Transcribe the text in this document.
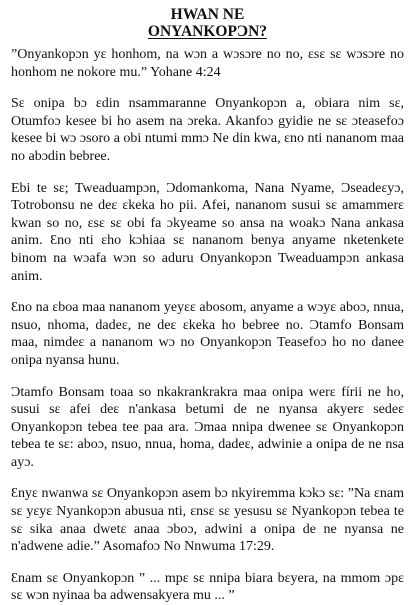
HWAN NE
ONYANKOPƆN?

”Onyankopɔn yɛ honhom, na wɔn a wɔsɔre no no, ɛsɛ sɛ wɔsɔre no honhom ne nokore mu.” Yohane 4:24

Sɛ onipa bɔ ɛdin nsammaranne Onyankopɔn a, obiara nim sɛ, Otumfoɔ kesee bi ho asem na ɔreka. Akanfoɔ gyidie ne sɛ ɔteasefoɔ kesee bi wɔ ɔsoro a obi ntumi mmɔ Ne din kwa, ɛno nti nananom maa no abɔdin bebree.

Ebi te sɛ; Tweaduampɔn, Ɔdomankoma, Nana Nyame, Ɔseadeɛyɔ, Totrobonsu ne deɛ ɛkeka ho pii. Afei, nananom susui sɛ amammerɛ kwan so no, ɛsɛ sɛ obi fa ɔkyeame so ansa na woakɔ Nana ankasa anim. Ɛno nti ɛho kɔhiaa sɛ nananom benya anyame nketenkete binom na wɔafa wɔn so aduru Onyankopɔn Tweaduampɔn ankasa anim.

Ɛno na ɛboa maa nananom yeyɛɛ abosom, anyame a wɔyɛ aboɔ, nnua, nsuo, nhoma, dadeɛ, ne deɛ ɛkeka ho bebree no. Ɔtamfo Bonsam maa, nimdeɛ a nananom wɔ no Onyankopɔn Teasefoɔ ho no danee onipa nyansa hunu.

Ɔtamfo Bonsam toaa so nkakrankrakra maa onipa werɛ fírii ne ho, susui sɛ afei deɛ n'ankasa betumi de ne nyansa akyerɛ sedeɛ Onyankopɔn tebea tee paa ara. Ɔmaa nnipa dwenee sɛ Onyankopɔn tebea te sɛ: aboɔ, nsuo, nnua, homa, dadeɛ, adwinie a onipa de ne nsa ayɔ.

Ɛnyɛ nwanwa sɛ Onyankopɔn asem bɔ nkyiremma kɔkɔ sɛ: ”Na ɛnam sɛ yɛyɛ Nyankopɔn abusua nti, ɛnsɛ sɛ yesusu sɛ Nyankopɔn tebea te sɛ sika anaa dwetɛ anaa ɔboɔ, adwini a onipa de ne nyansa ne n'adwene adie.” Asomafoɔ No Nnwuma 17:29.

Ɛnam sɛ Onyankopɔn ” ... mpɛ sɛ nnipa biara bɛyera, na mmom ɔpɛ sɛ wɔn nyinaa ba adwensakyera mu ... ”
